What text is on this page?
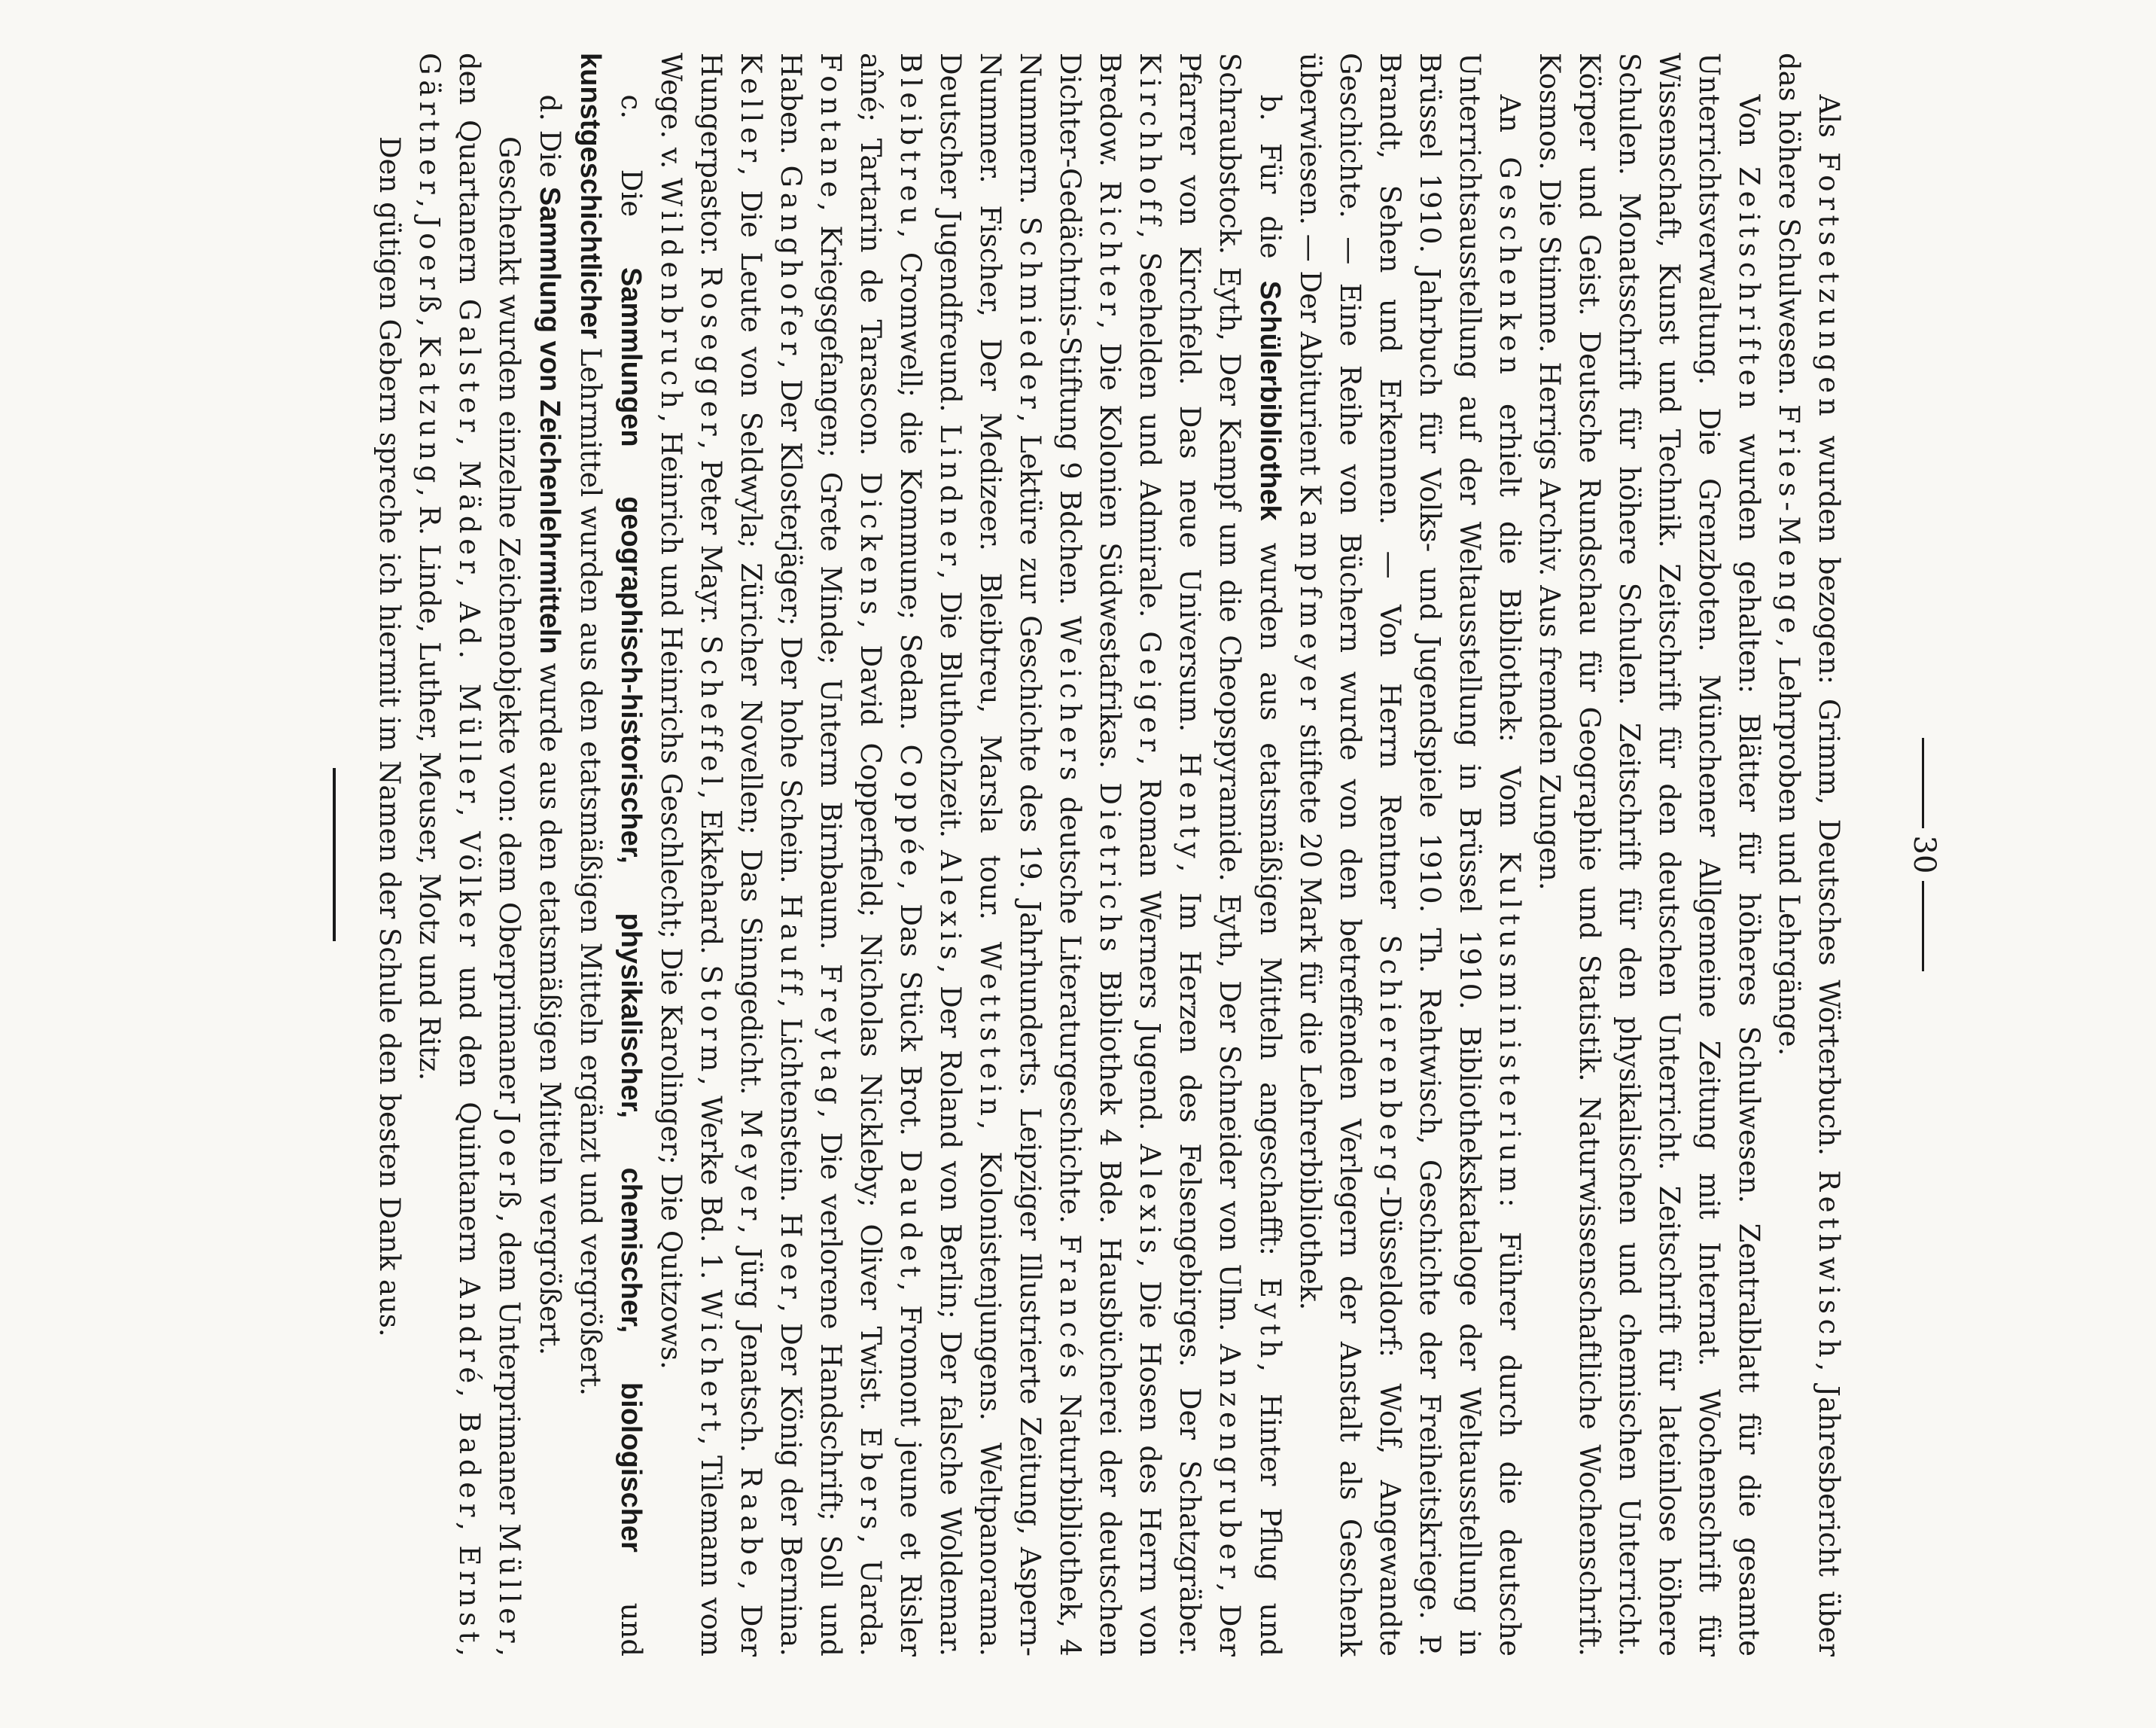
30

Als Fortsetzungen wurden bezogen: Grimm, Deutsches Wörterbuch. Rethwisch, Jahresbericht über das höhere Schulwesen. Fries-Menge, Lehrproben und Lehrgänge.

Von Zeitschriften wurden gehalten: Blätter für höheres Schulwesen. Zentralblatt für die gesamte Unterrichtsverwaltung. Die Grenzboten. Münchener Allgemeine Zeitung mit Internat. Wochenschrift für Wissenschaft, Kunst und Technik. Zeitschrift für den deutschen Unterricht. Zeitschrift für lateinlose höhere Schulen. Monatsschrift für höhere Schulen. Zeitschrift für den physikalischen und chemischen Unterricht. Körper und Geist. Deutsche Rundschau für Geographie und Statistik. Naturwissenschaftliche Wochenschrift. Kosmos. Die Stimme. Herrigs Archiv. Aus fremden Zungen.

An Geschenken erhielt die Bibliothek: Vom Kultusministerium: Führer durch die deutsche Unterrichtsausstellung auf der Weltausstellung in Brüssel 1910. Bibliothekskataloge der Weltausstellung in Brüssel 1910. Jahrbuch für Volks- und Jugendspiele 1910. Th. Rehtwisch, Geschichte der Freiheitskriege. P. Brandt, Sehen und Erkennen. — Von Herrn Rentner Schierenberg-Düsseldorf: Wolf, Angewandte Geschichte. — Eine Reihe von Büchern wurde von den betreffenden Verlegern der Anstalt als Geschenk überwiesen. — Der Abiturient Kampfmeyer stiftete 20 Mark für die Lehrerbibliothek.

b. Für die Schülerbibliothek wurden aus etatsmäßigen Mitteln angeschafft: Eyth, Hinter Pflug und Schraubstock. Eyth, Der Kampf um die Cheopspyramide. Eyth, Der Schneider von Ulm. Anzengruber, Der Pfarrer von Kirchfeld. Das neue Universum. Henty, Im Herzen des Felsengebirges. Der Schatzgräber. Kirchhoff, Seehelden und Admirale. Geiger, Roman Werners Jugend. Alexis, Die Hosen des Herrn von Bredow. Richter, Die Kolonien Südwestafrikas. Dietrichs Bibliothek 4 Bde. Hausbücherei der deutschen Dichter-Gedächtnis-Stiftung 9 Bdchen. Weichers deutsche Literaturgeschichte. Francés Naturbibliothek, 4 Nummern. Schmieder, Lektüre zur Geschichte des 19. Jahrhunderts. Leipziger Illustrierte Zeitung, Aspern-Nummer. Fischer, Der Medizeer. Bleibtreu, Marsla tour. Wettstein, Kolonistenjungens. Weltpanorama. Deutscher Jugendfreund. Lindner, Die Bluthochzeit. Alexis, Der Roland von Berlin; Der falsche Woldemar. Bleibtreu, Cromwell; die Kommune; Sedan. Coppée, Das Stück Brot. Daudet, Fromont jeune et Risler aîné; Tartarin de Tarascon. Dickens, David Copperfield; Nicholas Nickleby; Oliver Twist. Ebers, Uarda. Fontane, Kriegsgefangen; Grete Minde; Unterm Birnbaum. Freytag, Die verlorene Handschrift; Soll und Haben. Ganghofer, Der Klosterjäger; Der hohe Schein. Hauff, Lichtenstein. Heer, Der König der Bernina. Keller, Die Leute von Seldwyla; Züricher Novellen; Das Sinngedicht. Meyer, Jürg Jenatsch. Raabe, Der Hungerpastor. Rosegger, Peter Mayr. Scheffel, Ekkehard. Storm, Werke Bd. 1. Wichert, Tilemann vom Wege. v. Wildenbruch, Heinrich und Heinrichs Geschlecht; Die Karolinger; Die Quitzows.

c. Die Sammlungen geographisch-historischer, physikalischer, chemischer, biologischer und kunstgeschichtlicher Lehrmittel wurden aus den etatsmäßigen Mitteln ergänzt und vergrößert.

d. Die Sammlung von Zeichenlehrmitteln wurde aus den etatsmäßigen Mitteln vergrößert.

Geschenkt wurden einzelne Zeichenobjekte von: dem Oberprimaner Joerß, dem Unterprimaner Müller, den Quartanern Galster, Mäder, Ad. Müller, Völker und den Quintanern André, Bader, Ernst, Gärtner, Joerß, Katzung, R. Linde, Luther, Meuser, Motz und Ritz.

Den gütigen Gebern spreche ich hiermit im Namen der Schule den besten Dank aus.
